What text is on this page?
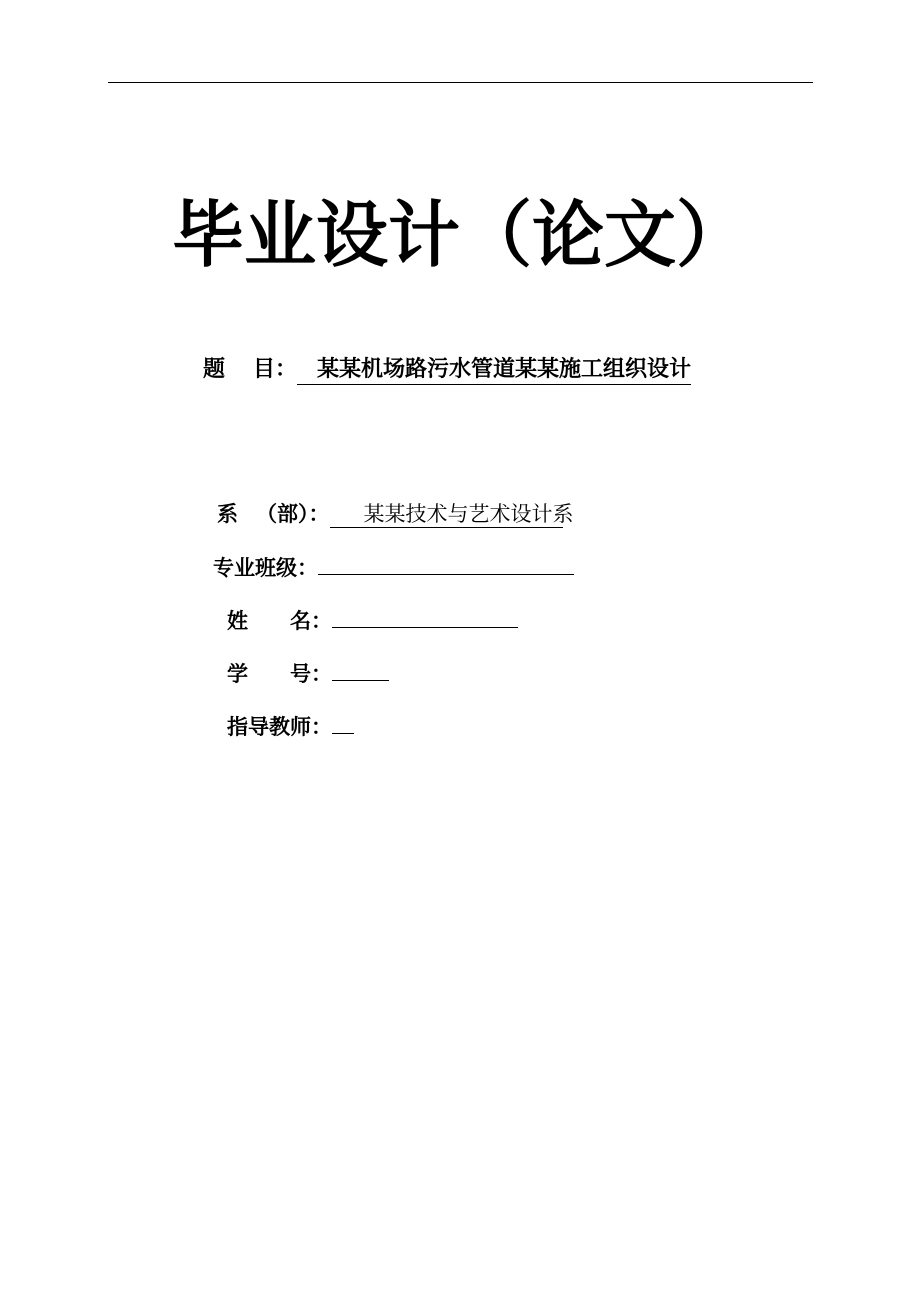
毕业设计（论文）
题 目： 某某机场路污水管道某某施工组织设计
系 （部）： 某某技术与艺术设计系
专业班级：
姓 名：
学 号：
指导教师：
